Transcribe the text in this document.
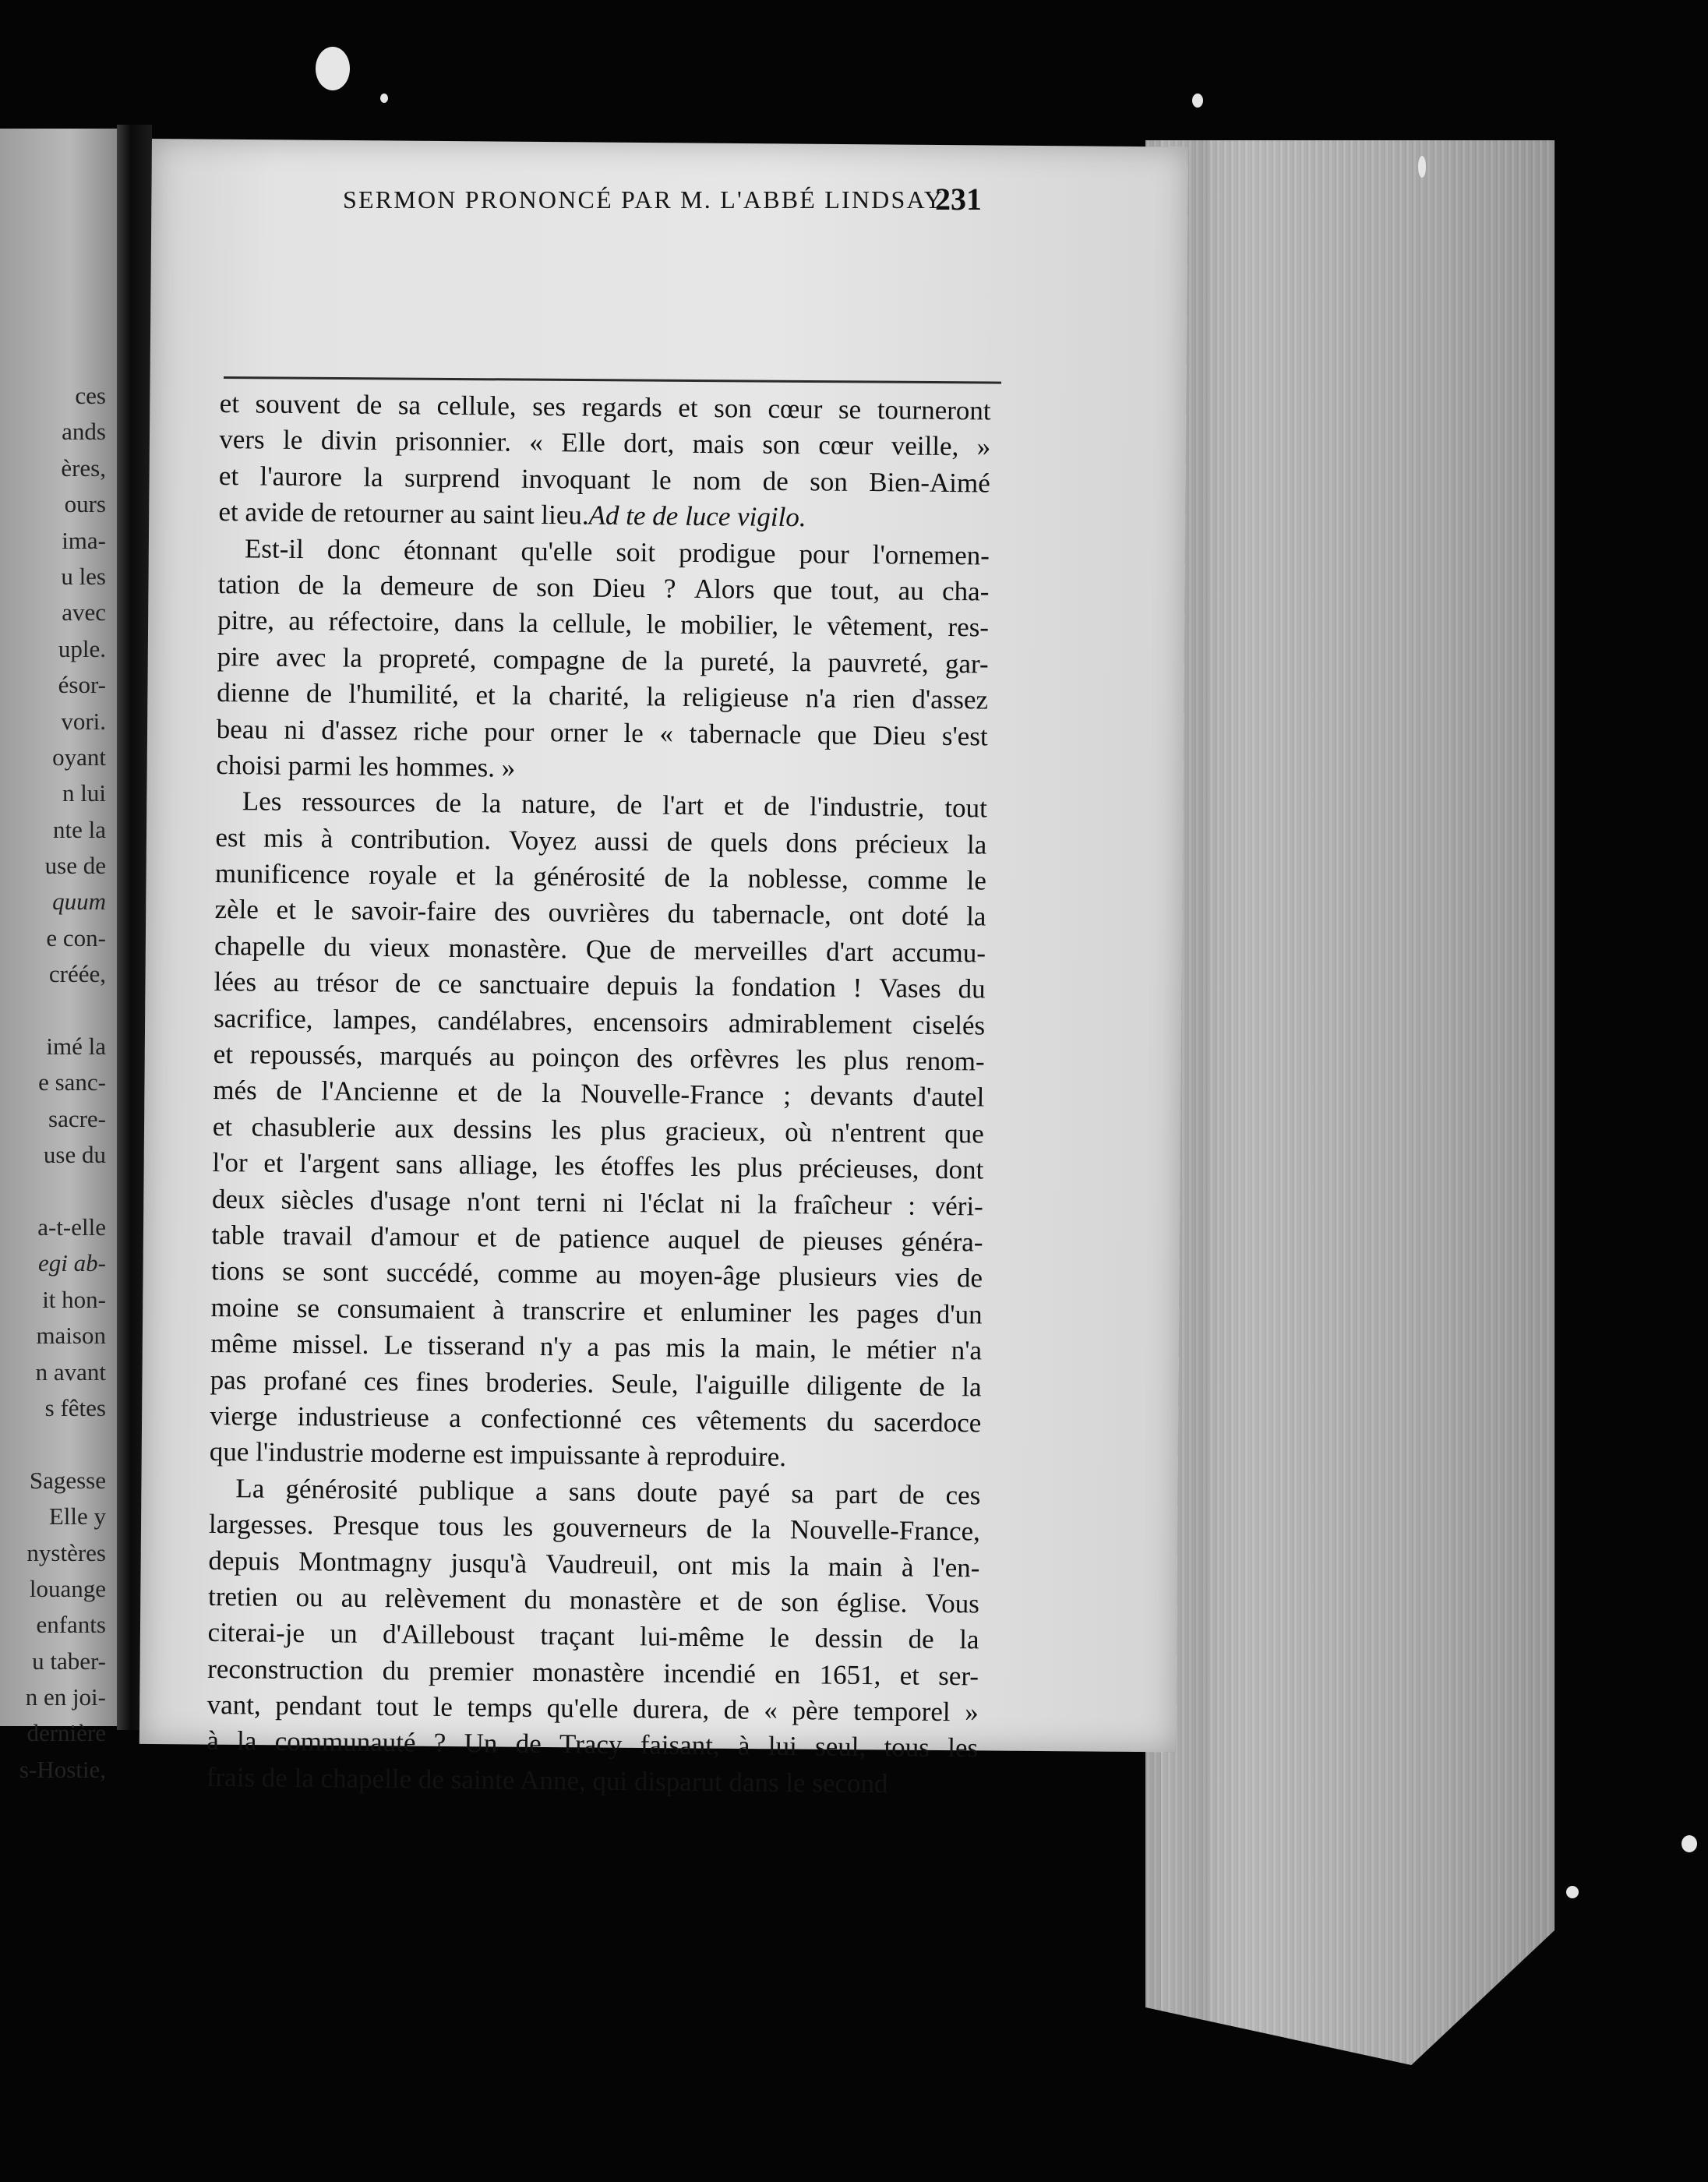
ces
ands
ères,
ours
ima-
u les
avec
uple.
ésor-
vori.
oyant
n lui
nte la
use de
quum
e con-
créée,
imé la
e sanc-
sacre-
use du
a-t-elle
egi ab-
it hon-
maison
n avant
s fêtes
Sagesse
Elle y
nystères
louange
enfants
u taber-
n en joi-
dernière
s-Hostie,
SERMON PRONONCÉ PAR M. L'ABBÉ LINDSAY
231
et souvent de sa cellule, ses regards et son cœur se tourneront
vers le divin prisonnier. « Elle dort, mais son cœur veille, »
et l'aurore la surprend invoquant le nom de son Bien-Aimé
et avide de retourner au saint lieu. Ad te de luce vigilo.
Est-il donc étonnant qu'elle soit prodigue pour l'ornemen-
tation de la demeure de son Dieu ? Alors que tout, au cha-
pitre, au réfectoire, dans la cellule, le mobilier, le vêtement, res-
pire avec la propreté, compagne de la pureté, la pauvreté, gar-
dienne de l'humilité, et la charité, la religieuse n'a rien d'assez
beau ni d'assez riche pour orner le « tabernacle que Dieu s'est
choisi parmi les hommes. »
Les ressources de la nature, de l'art et de l'industrie, tout
est mis à contribution. Voyez aussi de quels dons précieux la
munificence royale et la générosité de la noblesse, comme le
zèle et le savoir-faire des ouvrières du tabernacle, ont doté la
chapelle du vieux monastère. Que de merveilles d'art accumu-
lées au trésor de ce sanctuaire depuis la fondation ! Vases du
sacrifice, lampes, candélabres, encensoirs admirablement ciselés
et repoussés, marqués au poinçon des orfèvres les plus renom-
més de l'Ancienne et de la Nouvelle-France ; devants d'autel
et chasublerie aux dessins les plus gracieux, où n'entrent que
l'or et l'argent sans alliage, les étoffes les plus précieuses, dont
deux siècles d'usage n'ont terni ni l'éclat ni la fraîcheur : véri-
table travail d'amour et de patience auquel de pieuses généra-
tions se sont succédé, comme au moyen-âge plusieurs vies de
moine se consumaient à transcrire et enluminer les pages d'un
même missel. Le tisserand n'y a pas mis la main, le métier n'a
pas profané ces fines broderies. Seule, l'aiguille diligente de la
vierge industrieuse a confectionné ces vêtements du sacerdoce
que l'industrie moderne est impuissante à reproduire.
La générosité publique a sans doute payé sa part de ces
largesses. Presque tous les gouverneurs de la Nouvelle-France,
depuis Montmagny jusqu'à Vaudreuil, ont mis la main à l'en-
tretien ou au relèvement du monastère et de son église. Vous
citerai-je un d'Ailleboust traçant lui-même le dessin de la
reconstruction du premier monastère incendié en 1651, et ser-
vant, pendant tout le temps qu'elle durera, de « père temporel »
à la communauté ? Un de Tracy faisant, à lui seul, tous les
frais de la chapelle de sainte Anne, qui disparut dans le second
